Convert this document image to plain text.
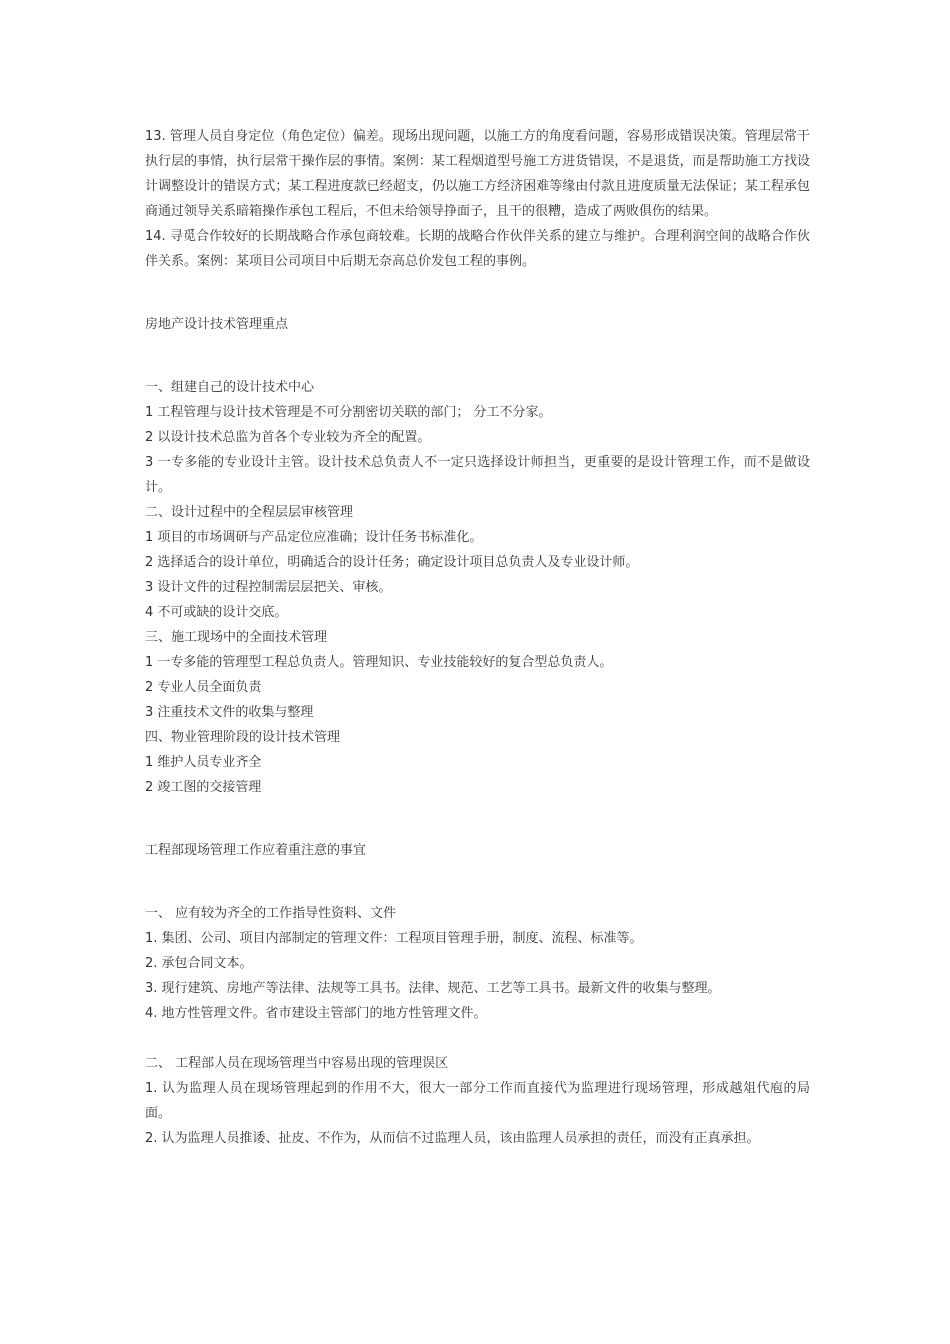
13. 管理人员自身定位（角色定位）偏差。现场出现问题，以施工方的角度看问题，容易形成错误决策。管理层常干执行层的事情，执行层常干操作层的事情。案例：某工程烟道型号施工方进货错误，不是退货，而是帮助施工方找设计调整设计的错误方式；某工程进度款已经超支，仍以施工方经济困难等缘由付款且进度质量无法保证；某工程承包商通过领导关系暗箱操作承包工程后，不但未给领导挣面子，且干的很糟，造成了两败俱伤的结果。

14. 寻觅合作较好的长期战略合作承包商较难。长期的战略合作伙伴关系的建立与维护。合理利润空间的战略合作伙伴关系。案例：某项目公司项目中后期无奈高总价发包工程的事例。

房地产设计技术管理重点

一、组建自己的设计技术中心

1 工程管理与设计技术管理是不可分割密切关联的部门； 分工不分家。

2 以设计技术总监为首各个专业较为齐全的配置。

3 一专多能的专业设计主管。设计技术总负责人不一定只选择设计师担当，更重要的是设计管理工作，而不是做设计。

二、设计过程中的全程层层审核管理

1 项目的市场调研与产品定位应准确；设计任务书标准化。

2 选择适合的设计单位，明确适合的设计任务；确定设计项目总负责人及专业设计师。

3 设计文件的过程控制需层层把关、审核。

4 不可或缺的设计交底。

三、施工现场中的全面技术管理

1 一专多能的管理型工程总负责人。管理知识、专业技能较好的复合型总负责人。

2 专业人员全面负责

3 注重技术文件的收集与整理

四、物业管理阶段的设计技术管理

1 维护人员专业齐全

2 竣工图的交接管理

工程部现场管理工作应着重注意的事宜

一、 应有较为齐全的工作指导性资料、文件

1. 集团、公司、项目内部制定的管理文件：工程项目管理手册，制度、流程、标准等。

2. 承包合同文本。

3. 现行建筑、房地产等法律、法规等工具书。法律、规范、工艺等工具书。最新文件的收集与整理。

4. 地方性管理文件。省市建设主管部门的地方性管理文件。

二、 工程部人员在现场管理当中容易出现的管理误区

1. 认为监理人员在现场管理起到的作用不大，很大一部分工作而直接代为监理进行现场管理，形成越俎代庖的局面。

2. 认为监理人员推诿、扯皮、不作为，从而信不过监理人员，该由监理人员承担的责任，而没有正真承担。
